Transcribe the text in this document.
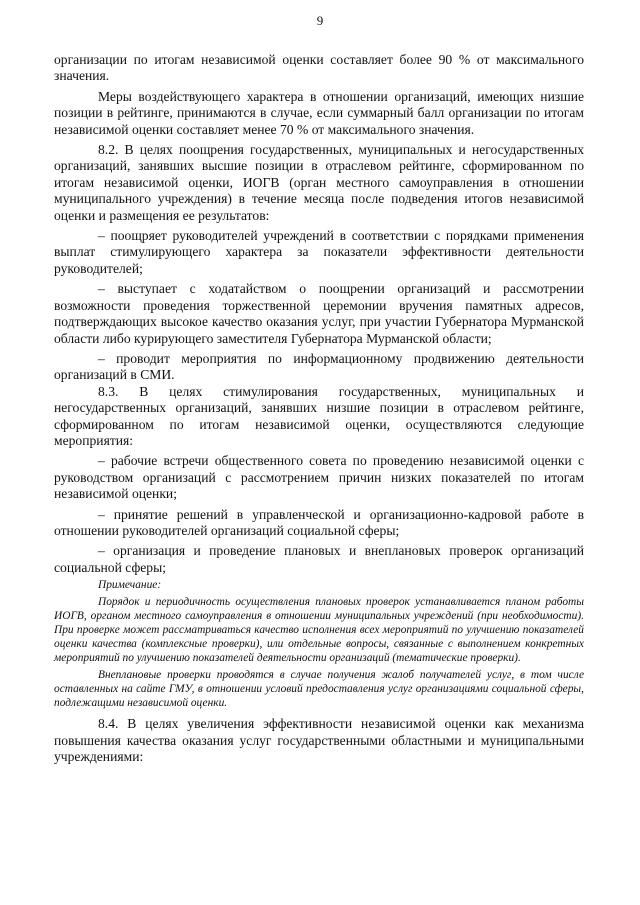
9

организации по итогам независимой оценки составляет более 90 % от максимального значения.

Меры воздействующего характера в отношении организаций, имеющих низшие позиции в рейтинге, принимаются в случае, если суммарный балл организации по итогам независимой оценки составляет менее 70 % от максимального значения.

8.2. В целях поощрения государственных, муниципальных и негосударственных организаций, занявших высшие позиции в отраслевом рейтинге, сформированном по итогам независимой оценки, ИОГВ (орган местного самоуправления в отношении муниципального учреждения) в течение месяца после подведения итогов независимой оценки и размещения ее результатов:

– поощряет руководителей учреждений в соответствии с порядками применения выплат стимулирующего характера за показатели эффективности деятельности руководителей;

– выступает с ходатайством о поощрении организаций и рассмотрении возможности проведения торжественной церемонии вручения памятных адресов, подтверждающих высокое качество оказания услуг, при участии Губернатора Мурманской области либо курирующего заместителя Губернатора Мурманской области;

– проводит мероприятия по информационному продвижению деятельности организаций в СМИ.

8.3. В целях стимулирования государственных, муниципальных и негосударственных организаций, занявших низшие позиции в отраслевом рейтинге, сформированном по итогам независимой оценки, осуществляются следующие мероприятия:

– рабочие встречи общественного совета по проведению независимой оценки с руководством организаций с рассмотрением причин низких показателей по итогам независимой оценки;

– принятие решений в управленческой и организационно-кадровой работе в отношении руководителей организаций социальной сферы;

– организация и проведение плановых и внеплановых проверок организаций социальной сферы;

Примечание:

Порядок и периодичность осуществления плановых проверок устанавливается планом работы ИОГВ, органом местного самоуправления в отношении муниципальных учреждений (при необходимости). При проверке может рассматриваться качество исполнения всех мероприятий по улучшению показателей оценки качества (комплексные проверки), или отдельные вопросы, связанные с выполнением конкретных мероприятий по улучшению показателей деятельности организаций (тематические проверки).

Внеплановые проверки проводятся в случае получения жалоб получателей услуг, в том числе оставленных на сайте ГМУ, в отношении условий предоставления услуг организациями социальной сферы, подлежащими независимой оценки.

8.4. В целях увеличения эффективности независимой оценки как механизма повышения качества оказания услуг государственными областными и муниципальными учреждениями:
